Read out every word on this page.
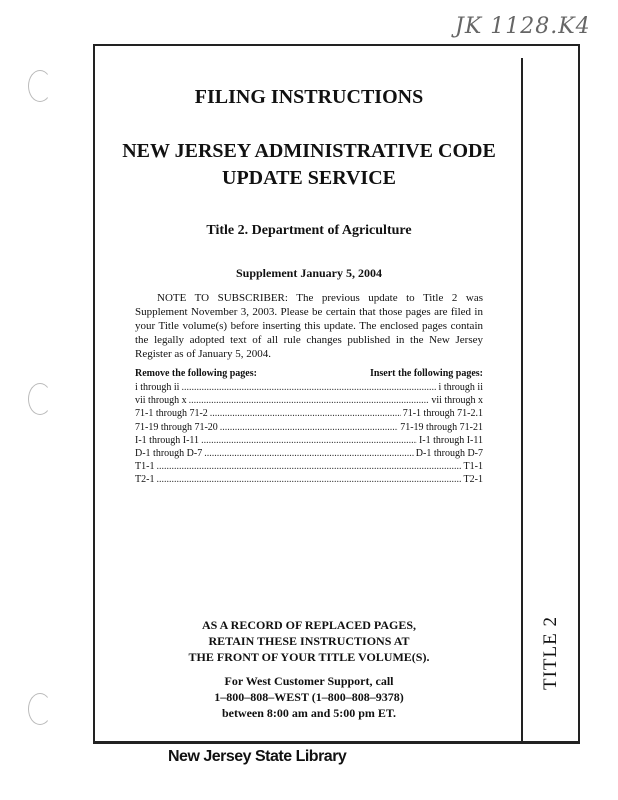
JK 1128.K4
TITLE 2
FILING INSTRUCTIONS
NEW JERSEY ADMINISTRATIVE CODE
UPDATE SERVICE
Title 2. Department of Agriculture
Supplement January 5, 2004
NOTE TO SUBSCRIBER: The previous update to Title 2 was Supplement November 3, 2003. Please be certain that those pages are filed in your Title volume(s) before inserting this update. The enclosed pages contain the legally adopted text of all rule changes published in the New Jersey Register as of January 5, 2004.
Remove the following pages:	Insert the following pages:
i through ii .....	i through ii
vii through x .....	vii through x
71-1 through 71-2 .....	71-1 through 71-2.1
71-19 through 71-20 .....	71-19 through 71-21
I-1 through I-11 .....	I-1 through I-11
D-1 through D-7 .....	D-1 through D-7
T1-1 .....	T1-1
T2-1 .....	T2-1
AS A RECORD OF REPLACED PAGES,
RETAIN THESE INSTRUCTIONS AT
THE FRONT OF YOUR TITLE VOLUME(S).
For West Customer Support, call
1–800–808–WEST (1–800–808–9378)
between 8:00 am and 5:00 pm ET.
New Jersey State Library
